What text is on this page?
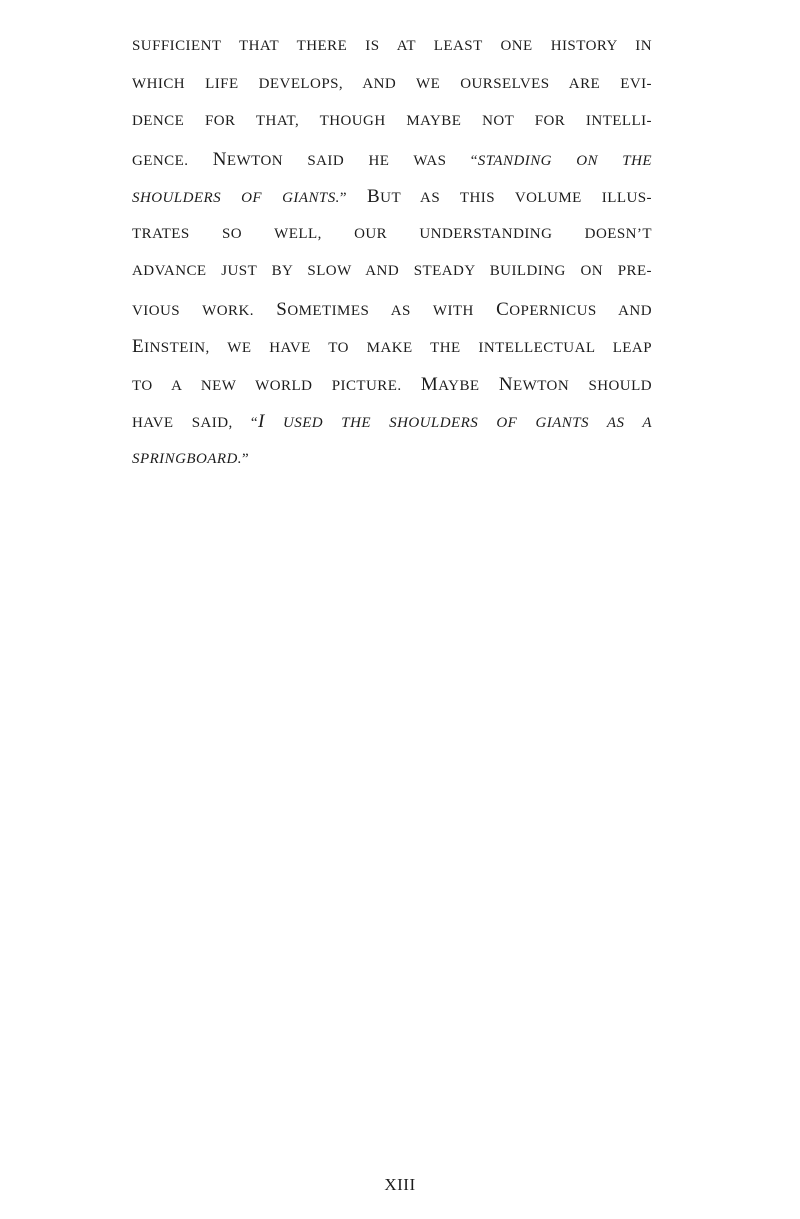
SUFFICIENT THAT THERE IS AT LEAST ONE HISTORY IN
WHICH LIFE DEVELOPS, AND WE OURSELVES ARE EVI-
DENCE FOR THAT, THOUGH MAYBE NOT FOR INTELLI-
GENCE. NEWTON SAID HE WAS “STANDING ON THE
SHOULDERS OF GIANTS.” BUT AS THIS VOLUME ILLUS-
TRATES SO WELL, OUR UNDERSTANDING DOESN’T
ADVANCE JUST BY SLOW AND STEADY BUILDING ON PRE-
VIOUS WORK. SOMETIMES AS WITH COPERNICUS AND
EINSTEIN, WE HAVE TO MAKE THE INTELLECTUAL LEAP
TO A NEW WORLD PICTURE. MAYBE NEWTON SHOULD
HAVE SAID, “I USED THE SHOULDERS OF GIANTS AS A
SPRINGBOARD.”
XIII
